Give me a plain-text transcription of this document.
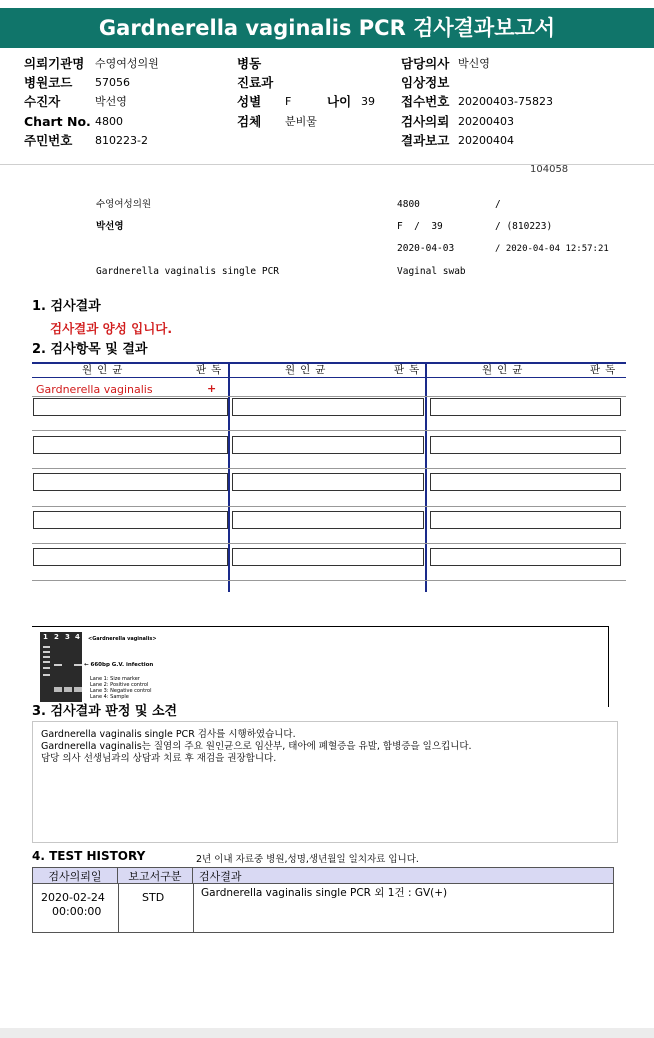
Gardnerella vaginalis PCR 검사결과보고서
의뢰기관명 수영여성의원
병원코드 57056
수진자	박선영
Chart No. 4800
주민번호 810223-2
병동
진료과
성별 F	나이 39
검체 분비물
담당의사 박신영
임상정보
접수번호 20200403-75823
검사의뢰 20200403
결과보고 20200404
104058
수영여성의원	4800	/
박선영	F  /  39	/ (810223)
2020-04-03	/ 2020-04-04 12:57:21
Gardnerella vaginalis single PCR	Vaginal swab
1. 검사결과
검사결과 양성 입니다.
2. 검사항목 및 결과
원인균	판독	원인균	판독	원인균	판독
Gardnerella vaginalis	+
1 2 3 4 <Gardnerella vaginalis>
← 660bp G.V. infection
Lane 1: Size marker
Lane 2: Positive control
Lane 3: Negative control
Lane 4: Sample
3. 검사결과 판정 및 소견
Gardnerella vaginalis single PCR 검사를 시행하였습니다.
Gardnerella vaginalis는 질염의 주요 원인균으로 임산부, 태아에 폐혈증을 유발, 합병증을 일으킵니다.
담당 의사 선생님과의 상담과 치료 후 재검을 권장합니다.
4. TEST HISTORY	2년 이내 자료중 병원,성명,생년월일 일치자료 입니다.
검사의뢰일	보고서구분	검사결과
2020-02-24
00:00:00
STD	Gardnerella vaginalis single PCR 외 1건 : GV(+)
